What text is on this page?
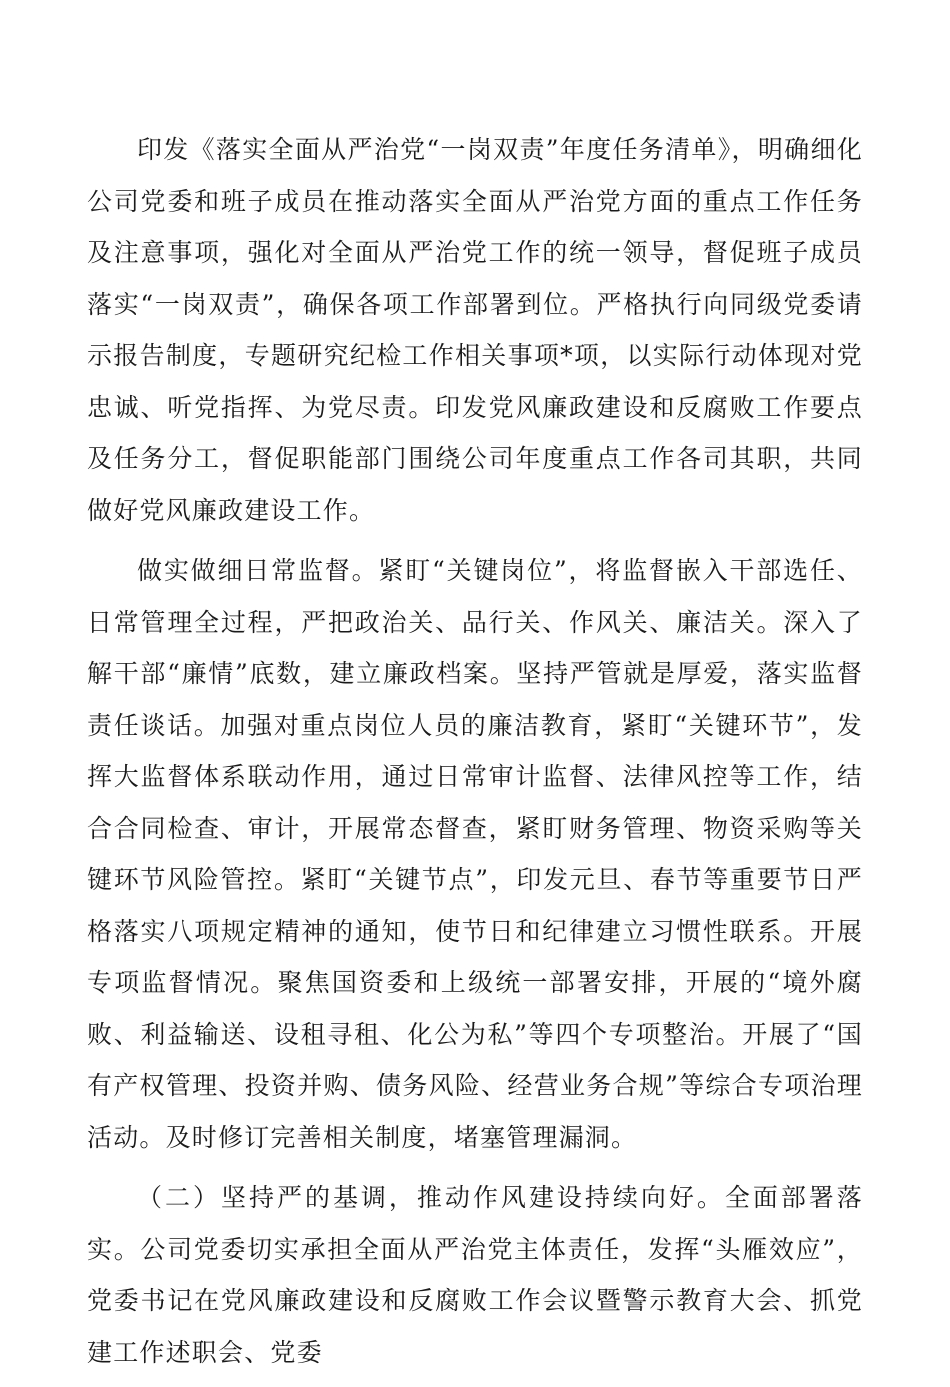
印发《落实全面从严治党“一岗双责”年度任务清单》，明确细化公司党委和班子成员在推动落实全面从严治党方面的重点工作任务及注意事项，强化对全面从严治党工作的统一领导，督促班子成员落实“一岗双责”，确保各项工作部署到位。严格执行向同级党委请示报告制度，专题研究纪检工作相关事项*项，以实际行动体现对党忠诚、听党指挥、为党尽责。印发党风廉政建设和反腐败工作要点及任务分工，督促职能部门围绕公司年度重点工作各司其职，共同做好党风廉政建设工作。

做实做细日常监督。紧盯“关键岗位”，将监督嵌入干部选任、日常管理全过程，严把政治关、品行关、作风关、廉洁关。深入了解干部“廉情”底数，建立廉政档案。坚持严管就是厚爱，落实监督责任谈话。加强对重点岗位人员的廉洁教育，紧盯“关键环节”，发挥大监督体系联动作用，通过日常审计监督、法律风控等工作，结合合同检查、审计，开展常态督查，紧盯财务管理、物资采购等关键环节风险管控。紧盯“关键节点”，印发元旦、春节等重要节日严格落实八项规定精神的通知，使节日和纪律建立习惯性联系。开展专项监督情况。聚焦国资委和上级统一部署安排，开展的“境外腐败、利益输送、设租寻租、化公为私”等四个专项整治。开展了“国有产权管理、投资并购、债务风险、经营业务合规”等综合专项治理活动。及时修订完善相关制度，堵塞管理漏洞。

（二）坚持严的基调，推动作风建设持续向好。全面部署落实。公司党委切实承担全面从严治党主体责任，发挥“头雁效应”，党委书记在党风廉政建设和反腐败工作会议暨警示教育大会、抓党建工作述职会、党委
